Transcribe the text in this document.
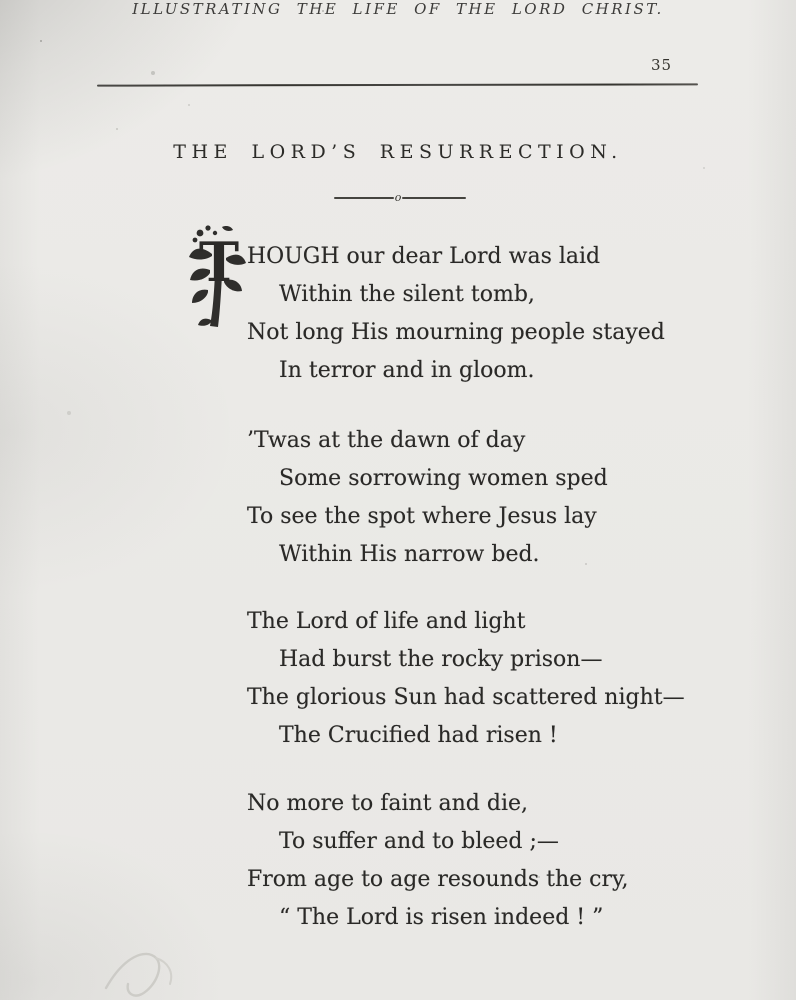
ILLUSTRATING THE LIFE OF THE LORD CHRIST.
35
THE LORD’S RESURRECTION.
o
T HOUGH our dear Lord was laid
Within the silent tomb,
Not long His mourning people stayed
In terror and in gloom.
’Twas at the dawn of day
Some sorrowing women sped
To see the spot where Jesus lay
Within His narrow bed.
The Lord of life and light
Had burst the rocky prison—
The glorious Sun had scattered night—
The Crucified had risen !
No more to faint and die,
To suffer and to bleed ;—
From age to age resounds the cry,
“ The Lord is risen indeed ! ”
